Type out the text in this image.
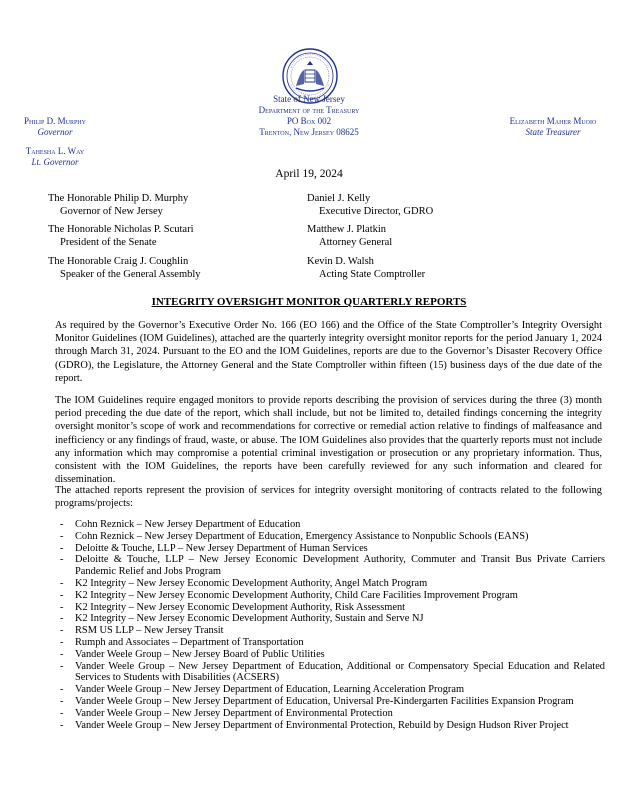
State of New Jersey
Department of the Treasury
PO Box 002
Trenton, New Jersey 08625
Philip D. Murphy
Governor
Tahesha L. Way
Lt. Governor
Elizabeth Maher Muoio
State Treasurer
April 19, 2024
The Honorable Philip D. Murphy
Governor of New Jersey
Daniel J. Kelly
Executive Director, GDRO
The Honorable Nicholas P. Scutari
President of the Senate
Matthew J. Platkin
Attorney General
The Honorable Craig J. Coughlin
Speaker of the General Assembly
Kevin D. Walsh
Acting State Comptroller
INTEGRITY OVERSIGHT MONITOR QUARTERLY REPORTS

As required by the Governor’s Executive Order No. 166 (EO 166) and the Office of the State Comptroller’s Integrity Oversight Monitor Guidelines (IOM Guidelines), attached are the quarterly integrity oversight monitor reports for the period January 1, 2024 through March 31, 2024. Pursuant to the EO and the IOM Guidelines, reports are due to the Governor’s Disaster Recovery Office (GDRO), the Legislature, the Attorney General and the State Comptroller within fifteen (15) business days of the due date of the report.

The IOM Guidelines require engaged monitors to provide reports describing the provision of services during the three (3) month period preceding the due date of the report, which shall include, but not be limited to, detailed findings concerning the integrity oversight monitor’s scope of work and recommendations for corrective or remedial action relative to findings of malfeasance and inefficiency or any findings of fraud, waste, or abuse. The IOM Guidelines also provides that the quarterly reports must not include any information which may compromise a potential criminal investigation or prosecution or any proprietary information. Thus, consistent with the IOM Guidelines, the reports have been carefully reviewed for any such information and cleared for dissemination.

The attached reports represent the provision of services for integrity oversight monitoring of contracts related to the following programs/projects:

- Cohn Reznick – New Jersey Department of Education
- Cohn Reznick – New Jersey Department of Education, Emergency Assistance to Nonpublic Schools (EANS)
- Deloitte & Touche, LLP – New Jersey Department of Human Services
- Deloitte & Touche, LLP – New Jersey Economic Development Authority, Commuter and Transit Bus Private Carriers Pandemic Relief and Jobs Program
- K2 Integrity – New Jersey Economic Development Authority, Angel Match Program
- K2 Integrity – New Jersey Economic Development Authority, Child Care Facilities Improvement Program
- K2 Integrity – New Jersey Economic Development Authority, Risk Assessment
- K2 Integrity – New Jersey Economic Development Authority, Sustain and Serve NJ
- RSM US LLP – New Jersey Transit
- Rumph and Associates – Department of Transportation
- Vander Weele Group – New Jersey Board of Public Utilities
- Vander Weele Group – New Jersey Department of Education, Additional or Compensatory Special Education and Related Services to Students with Disabilities (ACSERS)
- Vander Weele Group – New Jersey Department of Education, Learning Acceleration Program
- Vander Weele Group – New Jersey Department of Education, Universal Pre-Kindergarten Facilities Expansion Program
- Vander Weele Group – New Jersey Department of Environmental Protection
- Vander Weele Group – New Jersey Department of Environmental Protection, Rebuild by Design Hudson River Project
